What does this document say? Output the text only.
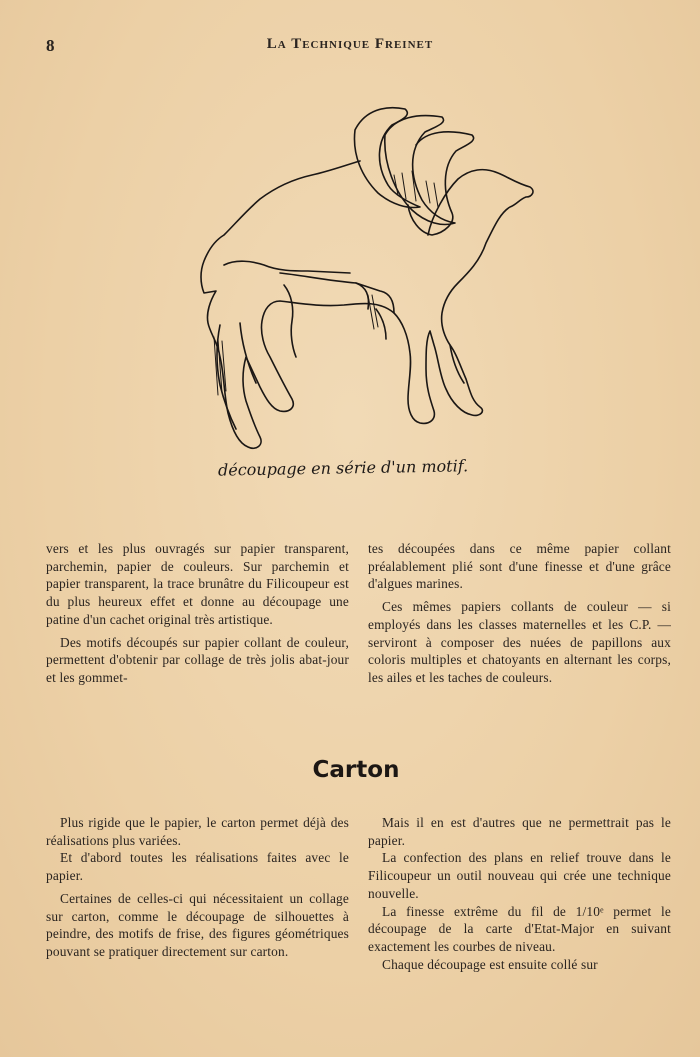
8	La Technique Freinet
découpage en série d'un motif.

vers et les plus ouvragés sur papier transparent, parchemin, papier de couleurs. Sur parchemin et papier transparent, la trace brunâtre du Filicoupeur est du plus heureux effet et donne au découpage une patine d'un cachet original très artistique.

Des motifs découpés sur papier collant de couleur, permettent d'obtenir par collage de très jolis abat-jour et les gommet-

tes découpées dans ce même papier collant préalablement plié sont d'une finesse et d'une grâce d'algues marines.

Ces mêmes papiers collants de couleur — si employés dans les classes maternelles et les C.P. — serviront à composer des nuées de papillons aux coloris multiples et chatoyants en alternant les corps, les ailes et les taches de couleurs.

Carton

Plus rigide que le papier, le carton permet déjà des réalisations plus variées.

Et d'abord toutes les réalisations faites avec le papier.

Certaines de celles-ci qui nécessitaient un collage sur carton, comme le découpage de silhouettes à peindre, des motifs de frise, des figures géométriques pouvant se pratiquer directement sur carton.

Mais il en est d'autres que ne permettrait pas le papier.

La confection des plans en relief trouve dans le Filicoupeur un outil nouveau qui crée une technique nouvelle.

La finesse extrême du fil de 1/10ᵉ permet le découpage de la carte d'Etat-Major en suivant exactement les courbes de niveau.

Chaque découpage est ensuite collé sur
